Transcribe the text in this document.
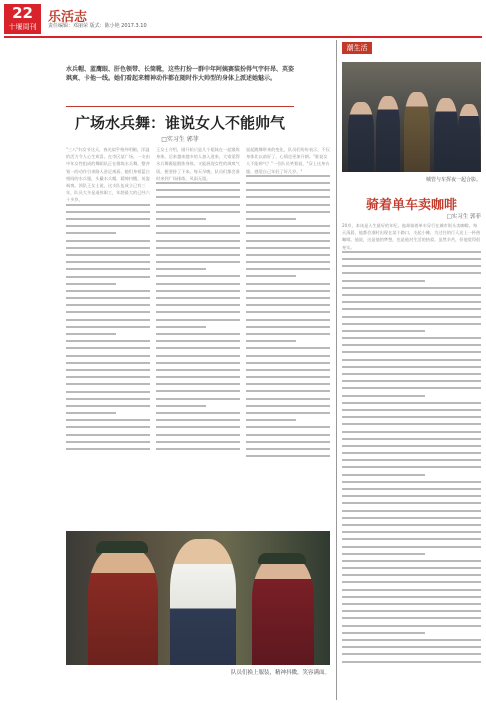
22
十堰周刊
乐活志
责任编辑：邓丽荣 版式：陈小艳 2017.3.10
水兵帽、蓝鹰眼、肝色领带、长筒靴，这些打扮一群中年阿姨赛装扮得气宇轩昂、英姿飒爽、卡他一线。她们看起来精神动作都在随时作大帅型的身体上派述她魅示。
广场水兵舞：谁说女人不能帅气
□实习生 郭菲
"三八"妇女节这天，春光似乎格外明媚，洋溢的活力令人心生欢喜。在市区某广场，一支由中年女性组成的舞蹈队正在排练水兵舞，整齐划一的动作引来路人驻足观看。她们身着蓝白相间的水兵服，头戴水兵帽，精神抖擞，英姿飒爽。领队王女士说，这支队伍成立已有三年，队员大多是退休职工，年龄最大的已经六十多岁。
王女士介绍，刚开始只是几个姐妹在一起锻炼身体，后来越来越多的人加入进来，大家觉得水兵舞既能锻炼身体，又能展现女性的飒爽气质，便坚持了下来。每天早晚，队员们都会准时来到广场排练，风雨无阻。
说起跳舞带来的变化，队员们纷纷表示，不仅身体比以前好了，心情也更加开朗。"谁说女人不能帅气？"一位队员笑着说，"穿上这身衣服，感觉自己年轻了好几岁。"
队员们换上服装，精神抖擞，笑容满面。
潮生活
城管与车挥夜一起合影。
骑着单车卖咖啡
□实习生 郭菲
20岁，本该是人生最好的年纪，他却骑着单车穿行在城市街头卖咖啡。每天清晨，他都会准时出现在某个路口，支起小摊，为过往的行人送上一杯热咖啡。他说，这是他的梦想，也是他对生活的热爱。虽然辛苦，但他觉得很充实。
